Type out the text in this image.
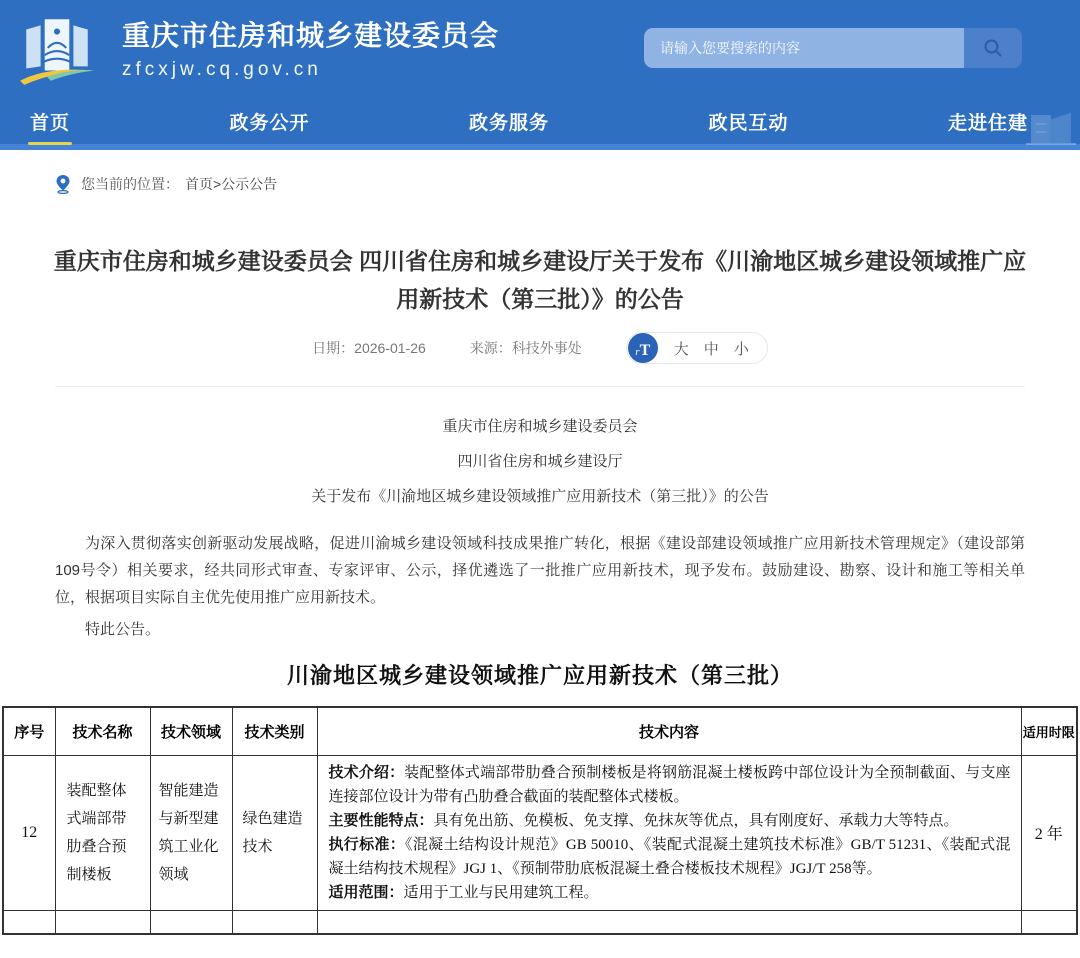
重庆市住房和城乡建设委员会
zfcxjw.cq.gov.cn
请输入您要搜索的内容
首页	政务公开	政务服务	政民互动	走进住建
您当前的位置： 首页>公示公告
重庆市住房和城乡建设委员会 四川省住房和城乡建设厅关于发布《川渝地区城乡建设领域推广应用新技术（第三批）》的公告
日期：2026-01-26	来源：科技外事处	r T 大 中 小

重庆市住房和城乡建设委员会

四川省住房和城乡建设厅

关于发布《川渝地区城乡建设领域推广应用新技术（第三批）》的公告

为深入贯彻落实创新驱动发展战略，促进川渝城乡建设领域科技成果推广转化，根据《建设部建设领域推广应用新技术管理规定》（建设部第109号令）相关要求，经共同形式审查、专家评审、公示，择优遴选了一批推广应用新技术，现予发布。鼓励建设、勘察、设计和施工等相关单位，根据项目实际自主优先使用推广应用新技术。

特此公告。

川渝地区城乡建设领域推广应用新技术（第三批）
序号	技术名称	技术领域	技术类别	技术内容	适用时限
12	装配整体式端部带肋叠合预制楼板	智能建造与新型建筑工业化领域	绿色建造技术	技术介绍：装配整体式端部带肋叠合预制楼板是将钢筋混凝土楼板跨中部位设计为全预制截面、与支座连接部位设计为带有凸肋叠合截面的装配整体式楼板。
主要性能特点：具有免出筋、免模板、免支撑、免抹灰等优点，具有刚度好、承载力大等特点。
执行标准：《混凝土结构设计规范》GB 50010、《装配式混凝土建筑技术标准》GB/T 51231、《装配式混凝土结构技术规程》JGJ 1、《预制带肋底板混凝土叠合楼板技术规程》JGJ/T 258等。
适用范围：适用于工业与民用建筑工程。	2 年
